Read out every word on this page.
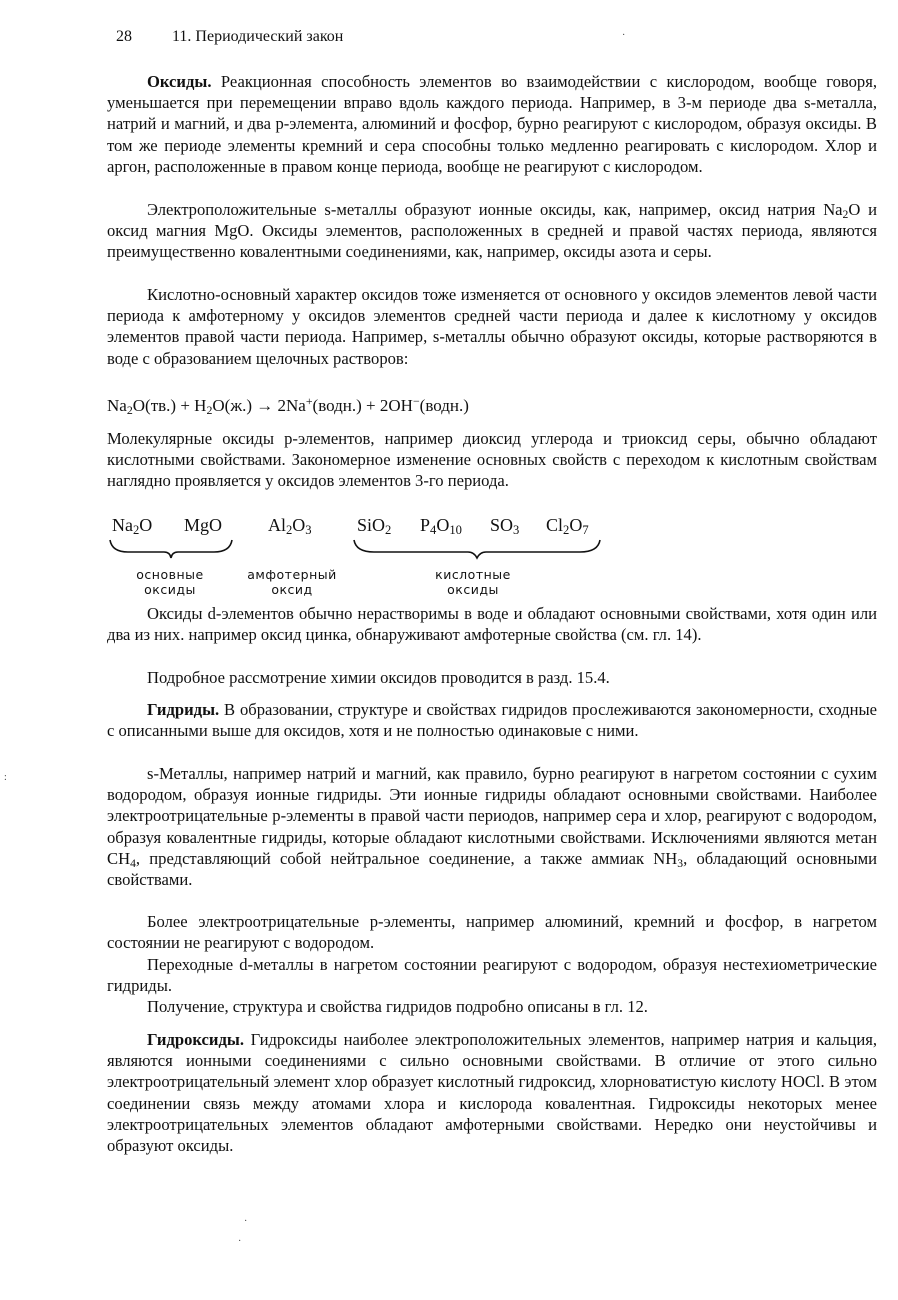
28	11. Периодический закон

Оксиды. Реакционная способность элементов во взаимодействии с кислородом, вообще говоря, уменьшается при перемещении вправо вдоль каждого периода. Например, в 3-м периоде два s-металла, натрий и магний, и два p-элемента, алюминий и фосфор, бурно реагируют с кислородом, образуя оксиды. В том же периоде элементы кремний и сера способны только медленно реагировать с кислородом. Хлор и аргон, расположенные в правом конце периода, вообще не реагируют с кислородом.

Электроположительные s-металлы образуют ионные оксиды, как, например, оксид натрия $Na_2O$ и оксид магния MgO. Оксиды элементов, расположенных в средней и правой частях периода, являются преимущественно ковалентными соединениями, как, например, оксиды азота и серы.

Кислотно-основный характер оксидов тоже изменяется от основного у оксидов элементов левой части периода к амфотерному у оксидов элементов средней части периода и далее к кислотному у оксидов элементов правой части периода. Например, s-металлы обычно образуют оксиды, которые растворяются в воде с образованием щелочных растворов:

$Na_2O(тв.) + H_2O(ж.)$ → 2Na+(водн.) + 2OH−(водн.)

Молекулярные оксиды p-элементов, например диоксид углерода и триоксид серы, обычно обладают кислотными свойствами. Закономерное изменение основных свойств с переходом к кислотным свойствам наглядно проявляется у оксидов элементов 3-го периода.

$Na_2O$ MgO	$Al_2O_3$	SiO$_2$ $P_4O_{10}$ $SO_3$ $Cl_2O_7$
основные
оксиды
амфотерный
оксид
кислотные
оксиды

Оксиды d-элементов обычно нерастворимы в воде и обладают основными свойствами, хотя один или два из них. например оксид цинка, обнаруживают амфотерные свойства (см. гл. 14).

Подробное рассмотрение химии оксидов проводится в разд. 15.4.

Гидриды. В образовании, структуре и свойствах гидридов прослеживаются закономерности, сходные с описанными выше для оксидов, хотя и не полностью одинаковые с ними.

s-Металлы, например натрий и магний, как правило, бурно реагируют в нагретом состоянии с сухим водородом, образуя ионные гидриды. Эти ионные гидриды обладают основными свойствами. Наиболее электроотрицательные p-элементы в правой части периодов, например сера и хлор, реагируют с водородом, образуя ковалентные гидриды, которые обладают кислотными свойствами. Исключениями являются метан $CH_4$, представляющий собой нейтральное соединение, а также аммиак $NH_3$, обладающий основными свойствами.

Более электроотрицательные p-элементы, например алюминий, кремний и фосфор, в нагретом состоянии не реагируют с водородом.

Переходные d-металлы в нагретом состоянии реагируют с водородом, образуя нестехиометрические гидриды.

Получение, структура и свойства гидридов подробно описаны в гл. 12.

Гидроксиды. Гидроксиды наиболее электроположительных элементов, например натрия и кальция, являются ионными соединениями с сильно основными свойствами. В отличие от этого сильно электроотрицательный элемент хлор образует кислотный гидроксид, хлорноватистую кислоту HOCl. В этом соединении связь между атомами хлора и кислорода ковалентная. Гидроксиды некоторых менее электроотрицательных элементов обладают амфотерными свойствами. Нередко они неустойчивы и образуют оксиды.

·
:
·
·
